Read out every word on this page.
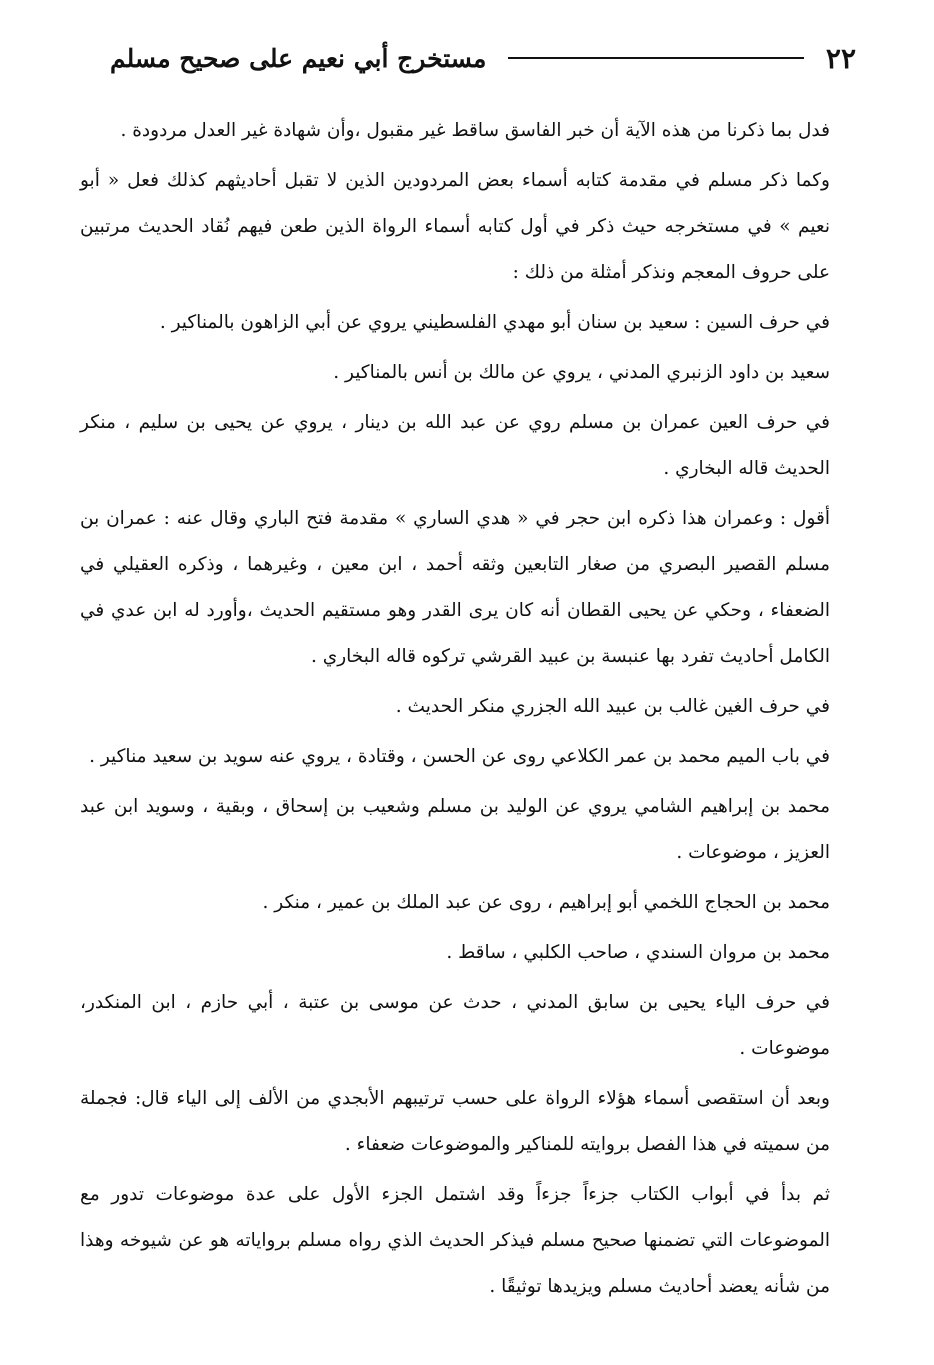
٢٢
مستخرج أبي نعيم على صحيح مسلم

فدل بما ذكرنا من هذه الآية أن خبر الفاسق ساقط غير مقبول ،وأن شهادة غير العدل مردودة .

وكما ذكر مسلم في مقدمة كتابه أسماء بعض المردودين الذين لا تقبل أحاديثهم كذلك فعل « أبو نعيم » في مستخرجه حيث ذكر في أول كتابه أسماء الرواة الذين طعن فيهم نُقاد الحديث مرتبين على حروف المعجم ونذكر أمثلة من ذلك :

في حرف السين : سعيد بن سنان أبو مهدي الفلسطيني يروي عن أبي الزاهون بالمناكير .

سعيد بن داود الزنبري المدني ، يروي عن مالك بن أنس بالمناكير .

في حرف العين عمران بن مسلم روي عن عبد الله بن دينار ، يروي عن يحيى بن سليم ، منكر الحديث قاله البخاري .

أقول : وعمران هذا ذكره ابن حجر في « هدي الساري » مقدمة فتح الباري وقال عنه : عمران بن مسلم القصير البصري من صغار التابعين وثقه أحمد ، ابن معين ، وغيرهما ، وذكره العقيلي في الضعفاء ، وحكي عن يحيى القطان أنه كان يرى القدر وهو مستقيم الحديث ،وأورد له ابن عدي في الكامل أحاديث تفرد بها عنبسة بن عبيد القرشي تركوه قاله البخاري .

في حرف الغين غالب بن عبيد الله الجزري منكر الحديث .

في باب الميم محمد بن عمر الكلاعي روى عن الحسن ، وقتادة ، يروي عنه سويد بن سعيد مناكير .

محمد بن إبراهيم الشامي يروي عن الوليد بن مسلم وشعيب بن إسحاق ، وبقية ، وسويد ابن عبد العزيز ، موضوعات .

محمد بن الحجاج اللخمي أبو إبراهيم ، روى عن عبد الملك بن عمير ، منكر .

محمد بن مروان السندي ، صاحب الكلبي ، ساقط .

في حرف الياء يحيى بن سابق المدني ، حدث عن موسى بن عتبة ، أبي حازم ، ابن المنكدر، موضوعات .

وبعد أن استقصى أسماء هؤلاء الرواة على حسب ترتيبهم الأبجدي من الألف إلى الياء قال: فجملة من سميته في هذا الفصل بروايته للمناكير والموضوعات ضعفاء .

ثم بدأ في أبواب الكتاب جزءاً جزءاً وقد اشتمل الجزء الأول على عدة موضوعات تدور مع الموضوعات التي تضمنها صحيح مسلم فيذكر الحديث الذي رواه مسلم برواياته هو عن شيوخه وهذا من شأنه يعضد أحاديث مسلم ويزيدها توثيقًا .
